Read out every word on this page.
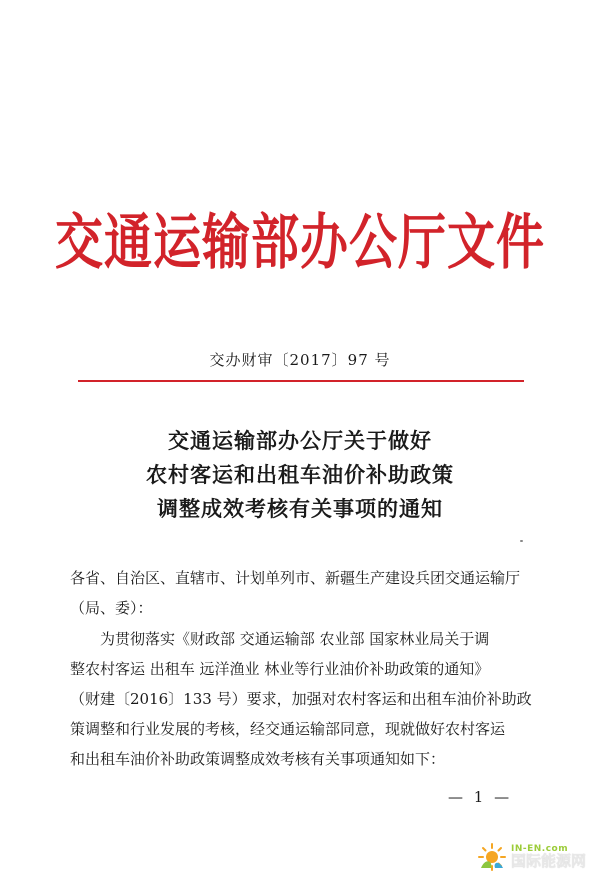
交通运输部办公厅文件
交办财审〔2017〕97 号
交通运输部办公厅关于做好
农村客运和出租车油价补助政策
调整成效考核有关事项的通知
各省、自治区、直辖市、计划单列市、新疆生产建设兵团交通运输厅
（局、委）：
为贯彻落实《财政部 交通运输部 农业部 国家林业局关于调
整农村客运 出租车 远洋渔业 林业等行业油价补助政策的通知》
（财建〔2016〕133 号）要求，加强对农村客运和出租车油价补助政
策调整和行业发展的考核，经交通运输部同意，现就做好农村客运
和出租车油价补助政策调整成效考核有关事项通知如下：
— 1 —
IN-EN.com
国际能源网
